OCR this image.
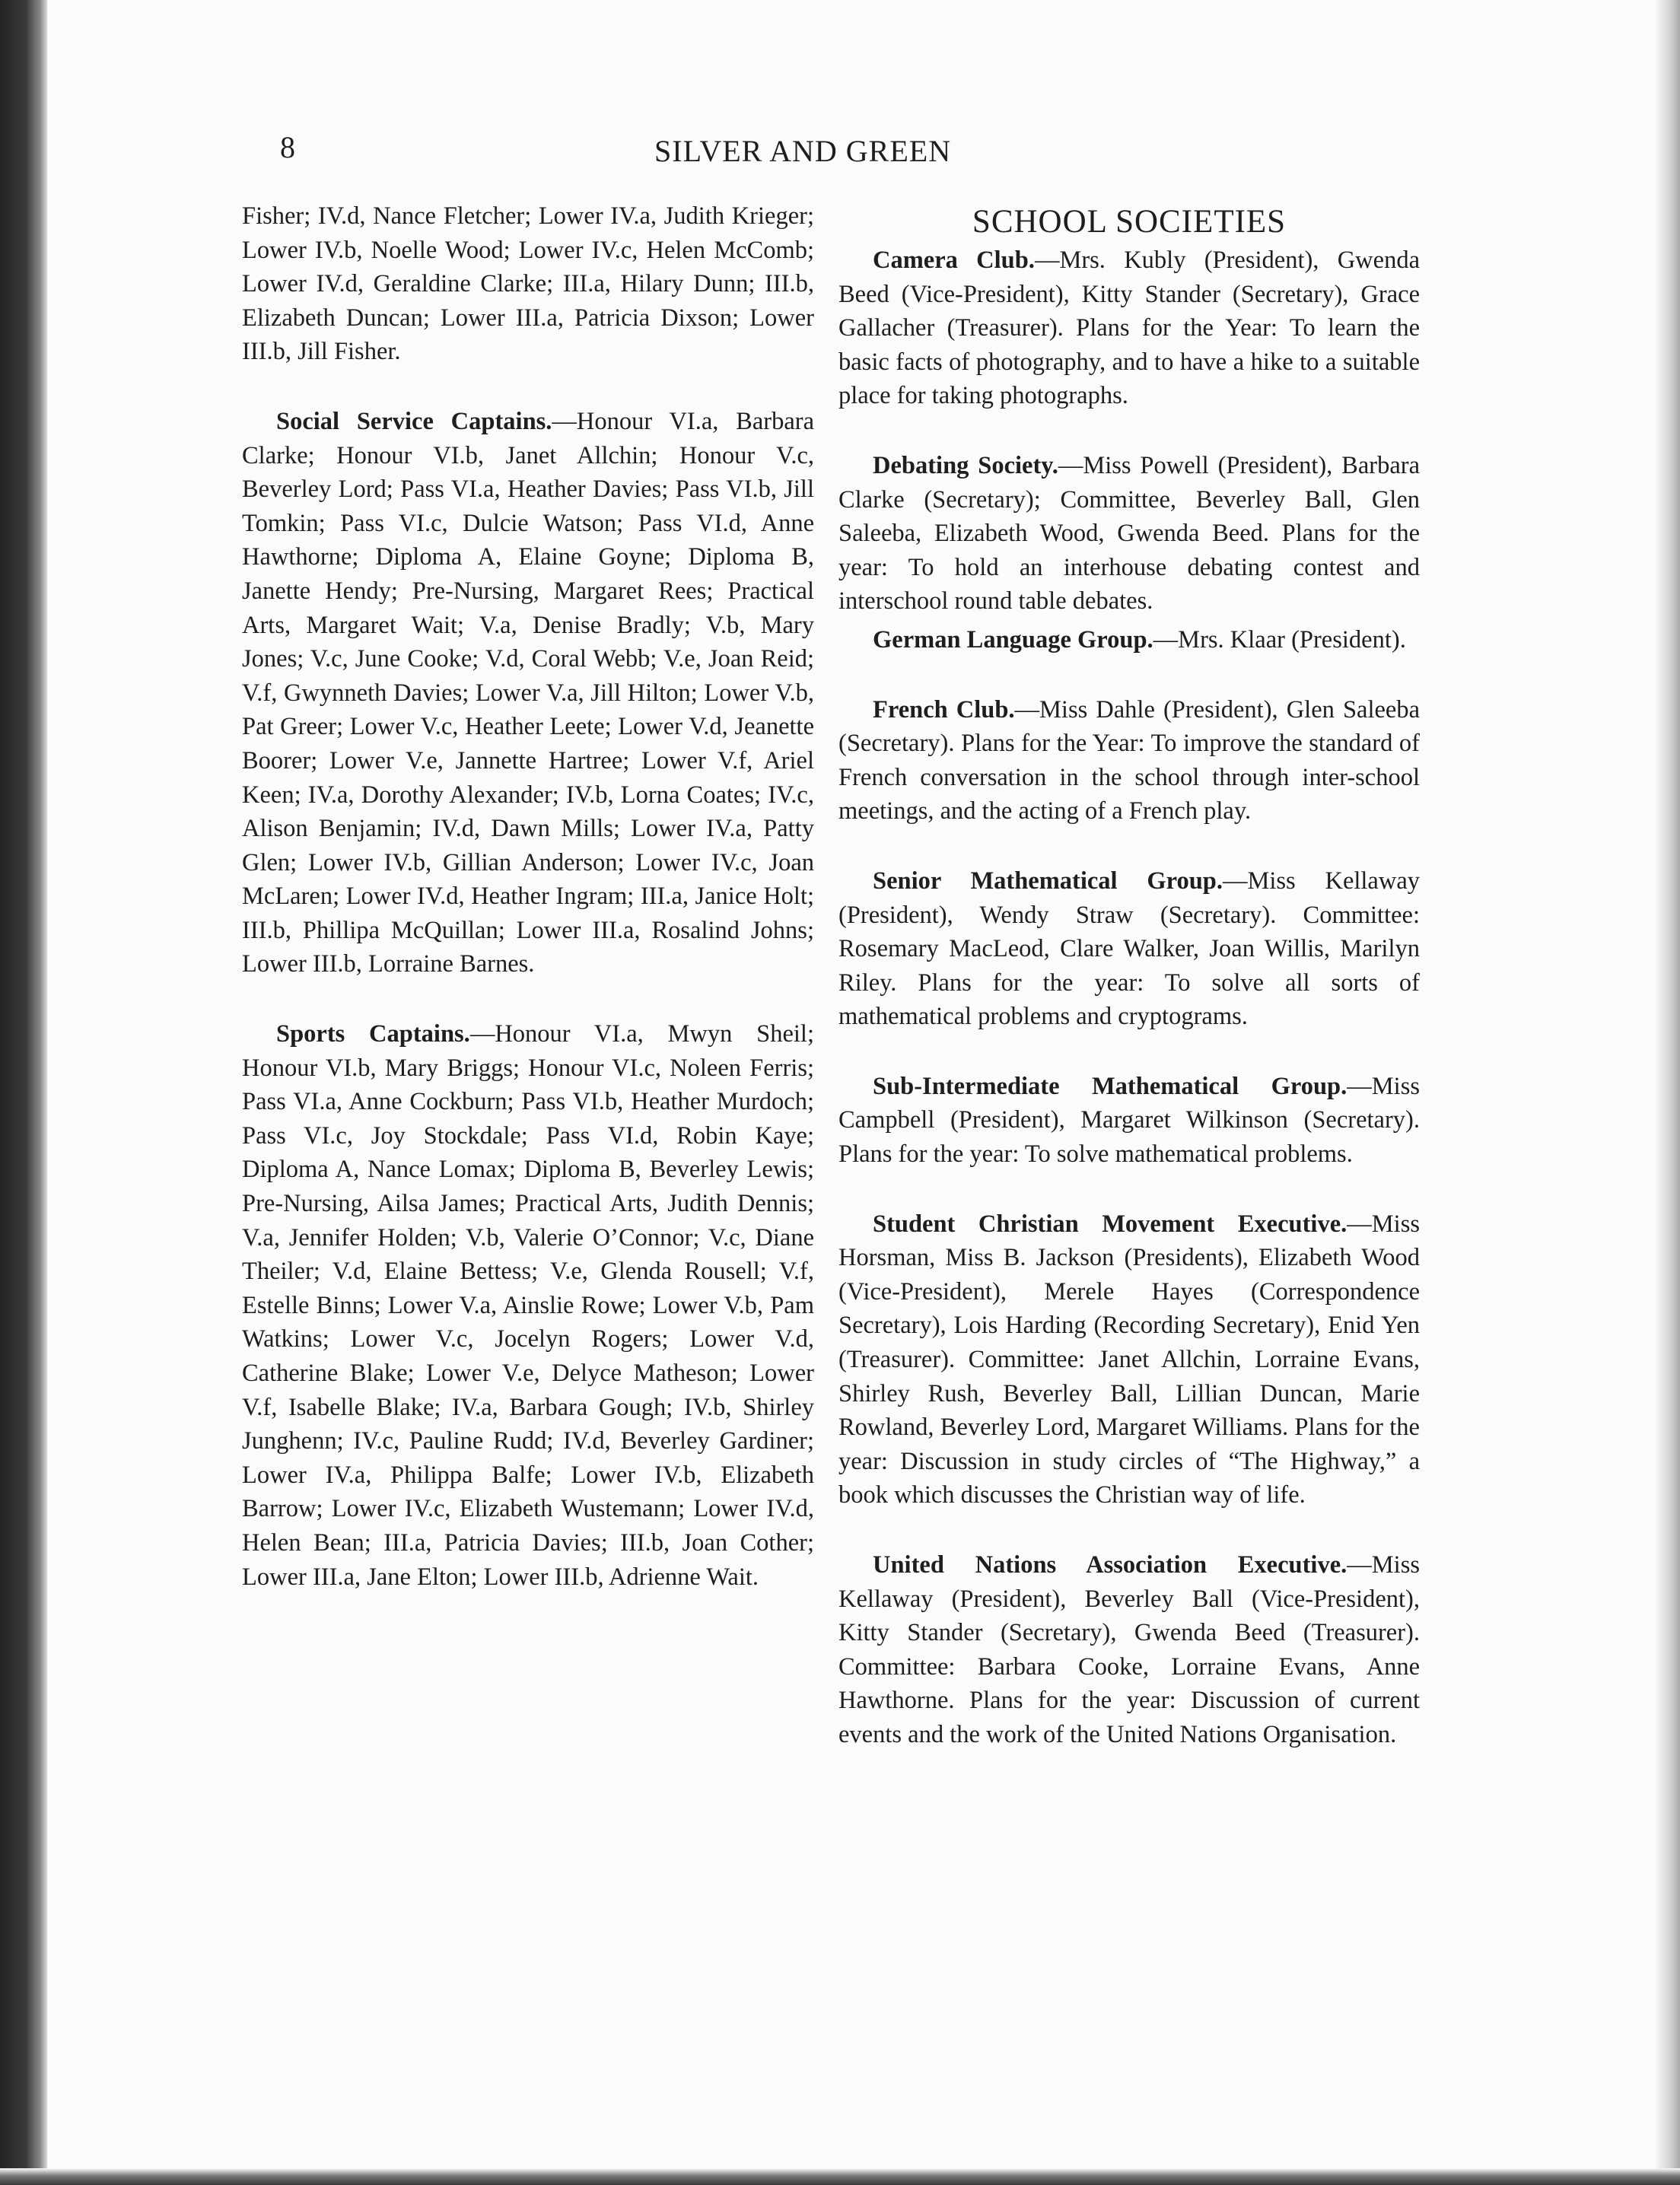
8	SILVER AND GREEN

Fisher; IV.d, Nance Fletcher; Lower IV.a, Judith Krieger; Lower IV.b, Noelle Wood; Lower IV.c, Helen McComb; Lower IV.d, Geraldine Clarke; III.a, Hilary Dunn; III.b, Elizabeth Duncan; Lower III.a, Patricia Dixson; Lower III.b, Jill Fisher.

Social Service Captains.—Honour VI.a, Barbara Clarke; Honour VI.b, Janet Allchin; Honour V.c, Beverley Lord; Pass VI.a, Heather Davies; Pass VI.b, Jill Tomkin; Pass VI.c, Dulcie Watson; Pass VI.d, Anne Hawthorne; Diploma A, Elaine Goyne; Diploma B, Janette Hendy; Pre-Nursing, Margaret Rees; Practical Arts, Margaret Wait; V.a, Denise Bradly; V.b, Mary Jones; V.c, June Cooke; V.d, Coral Webb; V.e, Joan Reid; V.f, Gwynneth Davies; Lower V.a, Jill Hilton; Lower V.b, Pat Greer; Lower V.c, Heather Leete; Lower V.d, Jeanette Boorer; Lower V.e, Jannette Hartree; Lower V.f, Ariel Keen; IV.a, Dorothy Alexander; IV.b, Lorna Coates; IV.c, Alison Benjamin; IV.d, Dawn Mills; Lower IV.a, Patty Glen; Lower IV.b, Gillian Anderson; Lower IV.c, Joan McLaren; Lower IV.d, Heather Ingram; III.a, Janice Holt; III.b, Phillipa McQuillan; Lower III.a, Rosalind Johns; Lower III.b, Lorraine Barnes.

Sports Captains.—Honour VI.a, Mwyn Sheil; Honour VI.b, Mary Briggs; Honour VI.c, Noleen Ferris; Pass VI.a, Anne Cockburn; Pass VI.b, Heather Murdoch; Pass VI.c, Joy Stockdale; Pass VI.d, Robin Kaye; Diploma A, Nance Lomax; Diploma B, Beverley Lewis; Pre-Nursing, Ailsa James; Practical Arts, Judith Dennis; V.a, Jennifer Holden; V.b, Valerie O’Connor; V.c, Diane Theiler; V.d, Elaine Bettess; V.e, Glenda Rousell; V.f, Estelle Binns; Lower V.a, Ainslie Rowe; Lower V.b, Pam Watkins; Lower V.c, Jocelyn Rogers; Lower V.d, Catherine Blake; Lower V.e, Delyce Matheson; Lower V.f, Isabelle Blake; IV.a, Barbara Gough; IV.b, Shirley Junghenn; IV.c, Pauline Rudd; IV.d, Beverley Gardiner; Lower IV.a, Philippa Balfe; Lower IV.b, Elizabeth Barrow; Lower IV.c, Elizabeth Wustemann; Lower IV.d, Helen Bean; III.a, Patricia Davies; III.b, Joan Cother; Lower III.a, Jane Elton; Lower III.b, Adrienne Wait.

SCHOOL SOCIETIES

Camera Club.—Mrs. Kubly (President), Gwenda Beed (Vice-President), Kitty Stander (Secretary), Grace Gallacher (Treasurer). Plans for the Year: To learn the basic facts of photography, and to have a hike to a suitable place for taking photographs.

Debating Society.—Miss Powell (President), Barbara Clarke (Secretary); Committee, Beverley Ball, Glen Saleeba, Elizabeth Wood, Gwenda Beed. Plans for the year: To hold an interhouse debating contest and interschool round table debates.

German Language Group.—Mrs. Klaar (President).

French Club.—Miss Dahle (President), Glen Saleeba (Secretary). Plans for the Year: To improve the standard of French conversation in the school through inter-school meetings, and the acting of a French play.

Senior Mathematical Group.—Miss Kellaway (President), Wendy Straw (Secretary). Committee: Rosemary MacLeod, Clare Walker, Joan Willis, Marilyn Riley. Plans for the year: To solve all sorts of mathematical problems and cryptograms.

Sub-Intermediate Mathematical Group.—Miss Campbell (President), Margaret Wilkinson (Secretary). Plans for the year: To solve mathematical problems.

Student Christian Movement Executive.—Miss Horsman, Miss B. Jackson (Presidents), Elizabeth Wood (Vice-President), Merele Hayes (Correspondence Secretary), Lois Harding (Recording Secretary), Enid Yen (Treasurer). Committee: Janet Allchin, Lorraine Evans, Shirley Rush, Beverley Ball, Lillian Duncan, Marie Rowland, Beverley Lord, Margaret Williams. Plans for the year: Discussion in study circles of “The Highway,” a book which discusses the Christian way of life.

United Nations Association Executive.—Miss Kellaway (President), Beverley Ball (Vice-President), Kitty Stander (Secretary), Gwenda Beed (Treasurer). Committee: Barbara Cooke, Lorraine Evans, Anne Hawthorne. Plans for the year: Discussion of current events and the work of the United Nations Organisation.
